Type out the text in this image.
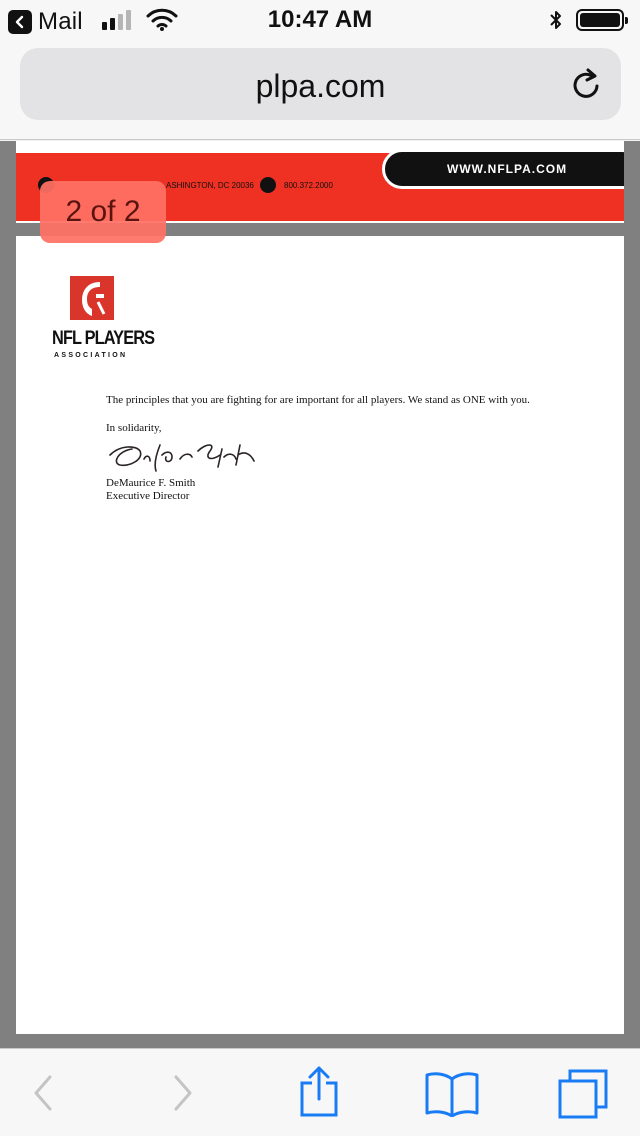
Mail	10:47 AM
plpa.com
ASHINGTON, DC 20036	800.372.2000
WWW.NFLPA.COM
NFL PLAYERS
ASSOCIATION

The principles that you are fighting for are important for all players. We stand as ONE with you.

In solidarity,

DeMaurice F. Smith

Executive Director

2 of 2
